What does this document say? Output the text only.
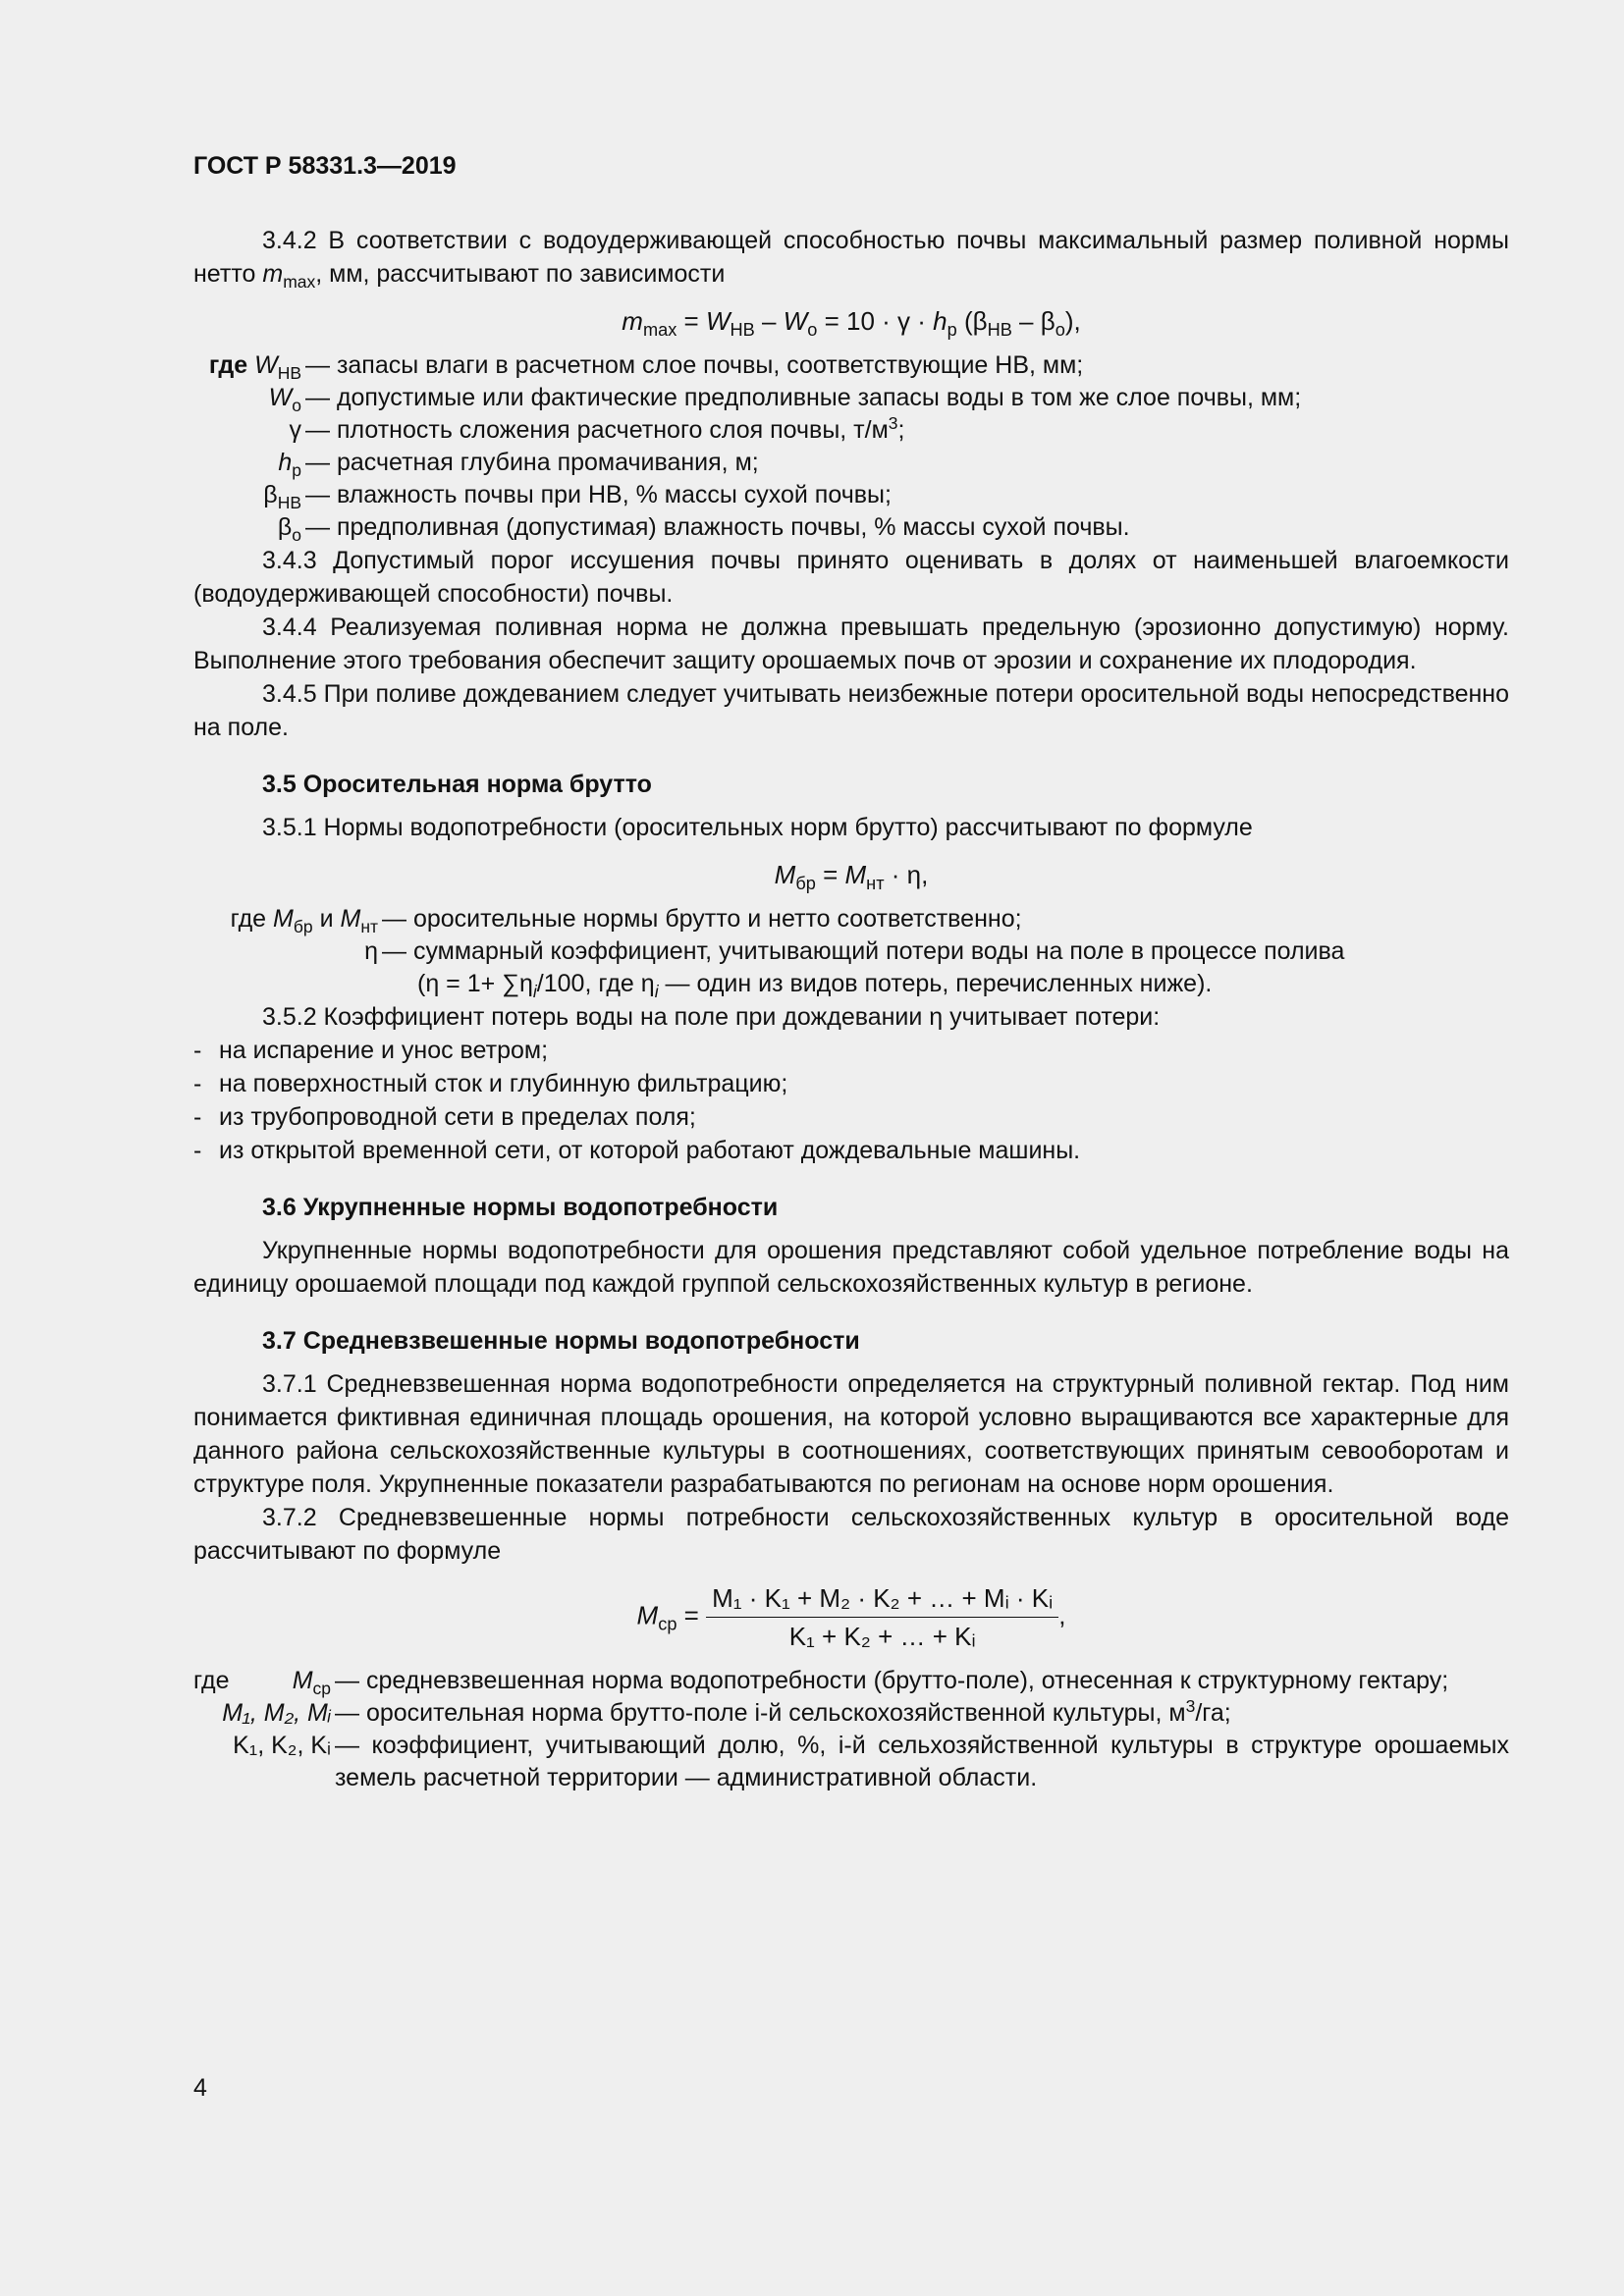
ГОСТ Р 58331.3—2019

3.4.2 В соответствии с водоудерживающей способностью почвы максимальный размер поливной нормы нетто $m_{max}$, мм, рассчитывают по зависимости

$m_{max} = W_{НВ} - W_о = 10 \cdot \gamma \cdot h_р$ $(\beta_{НВ} - \beta_о)$,
где $W_{НВ}$	— запасы влаги в расчетном слое почвы, соответствующие НВ, мм;
$W_о$	— допустимые или фактические предполивные запасы воды в том же слое почвы, мм;
γ	— плотность сложения расчетного слоя почвы, $т/м^3$;
$h_р$	— расчетная глубина промачивания, м;
$\beta_{НВ}$	— влажность почвы при НВ, % массы сухой почвы;
$\beta_о$	— предполивная (допустимая) влажность почвы, % массы сухой почвы.

3.4.3 Допустимый порог иссушения почвы принято оценивать в долях от наименьшей влагоемкости (водоудерживающей способности) почвы.

3.4.4 Реализуемая поливная норма не должна превышать предельную (эрозионно допустимую) норму. Выполнение этого требования обеспечит защиту орошаемых почв от эрозии и сохранение их плодородия.

3.4.5 При поливе дождеванием следует учитывать неизбежные потери оросительной воды непосредственно на поле.

3.5 Оросительная норма брутто

3.5.1 Нормы водопотребности (оросительных норм брутто) рассчитывают по формуле

$M_{бр} = M_{нт} \cdot \eta$,
где $M_{бр}$ и $M_{нт}$	— оросительные нормы брутто и нетто соответственно;
η	— суммарный коэффициент, учитывающий потери воды на поле в процессе полива
($\eta = 1+ \sum\eta_i/100$, где $\eta_i$ — один из видов потерь, перечисленных ниже).

3.5.2 Коэффициент потерь воды на поле при дождевании η учитывает потери:

- на испарение и унос ветром;
- на поверхностный сток и глубинную фильтрацию;
- из трубопроводной сети в пределах поля;
- из открытой временной сети, от которой работают дождевальные машины.
3.6 Укрупненные нормы водопотребности

Укрупненные нормы водопотребности для орошения представляют собой удельное потребление воды на единицу орошаемой площади под каждой группой сельскохозяйственных культур в регионе.

3.7 Средневзвешенные нормы водопотребности

3.7.1 Средневзвешенная норма водопотребности определяется на структурный поливной гектар. Под ним понимается фиктивная единичная площадь орошения, на которой условно выращиваются все характерные для данного района сельскохозяйственные культуры в соотношениях, соответствующих принятым севооборотам и структуре поля. Укрупненные показатели разрабатываются по регионам на основе норм орошения.

3.7.2 Средневзвешенные нормы потребности сельскохозяйственных культур в оросительной воде рассчитывают по формуле

$M_{ср} = \frac{\text{M₁ · K₁ + M₂ · K₂ + … + Mᵢ · Kᵢ}}{\text{K₁ + K₂ + … + Kᵢ}}$ ,
где $M_{ср}$	— средневзвешенная норма водопотребности (брутто-поле), отнесенная к структурному гектару;
M₁, M₂, Mᵢ	— оросительная норма брутто-поле i-й сельскохозяйственной культуры, $м^3/га$;
K₁, K₂, Kᵢ	— коэффициент, учитывающий долю, %, i-й сельхозяйственной культуры в структуре орошаемых земель расчетной территории — административной области.
4
